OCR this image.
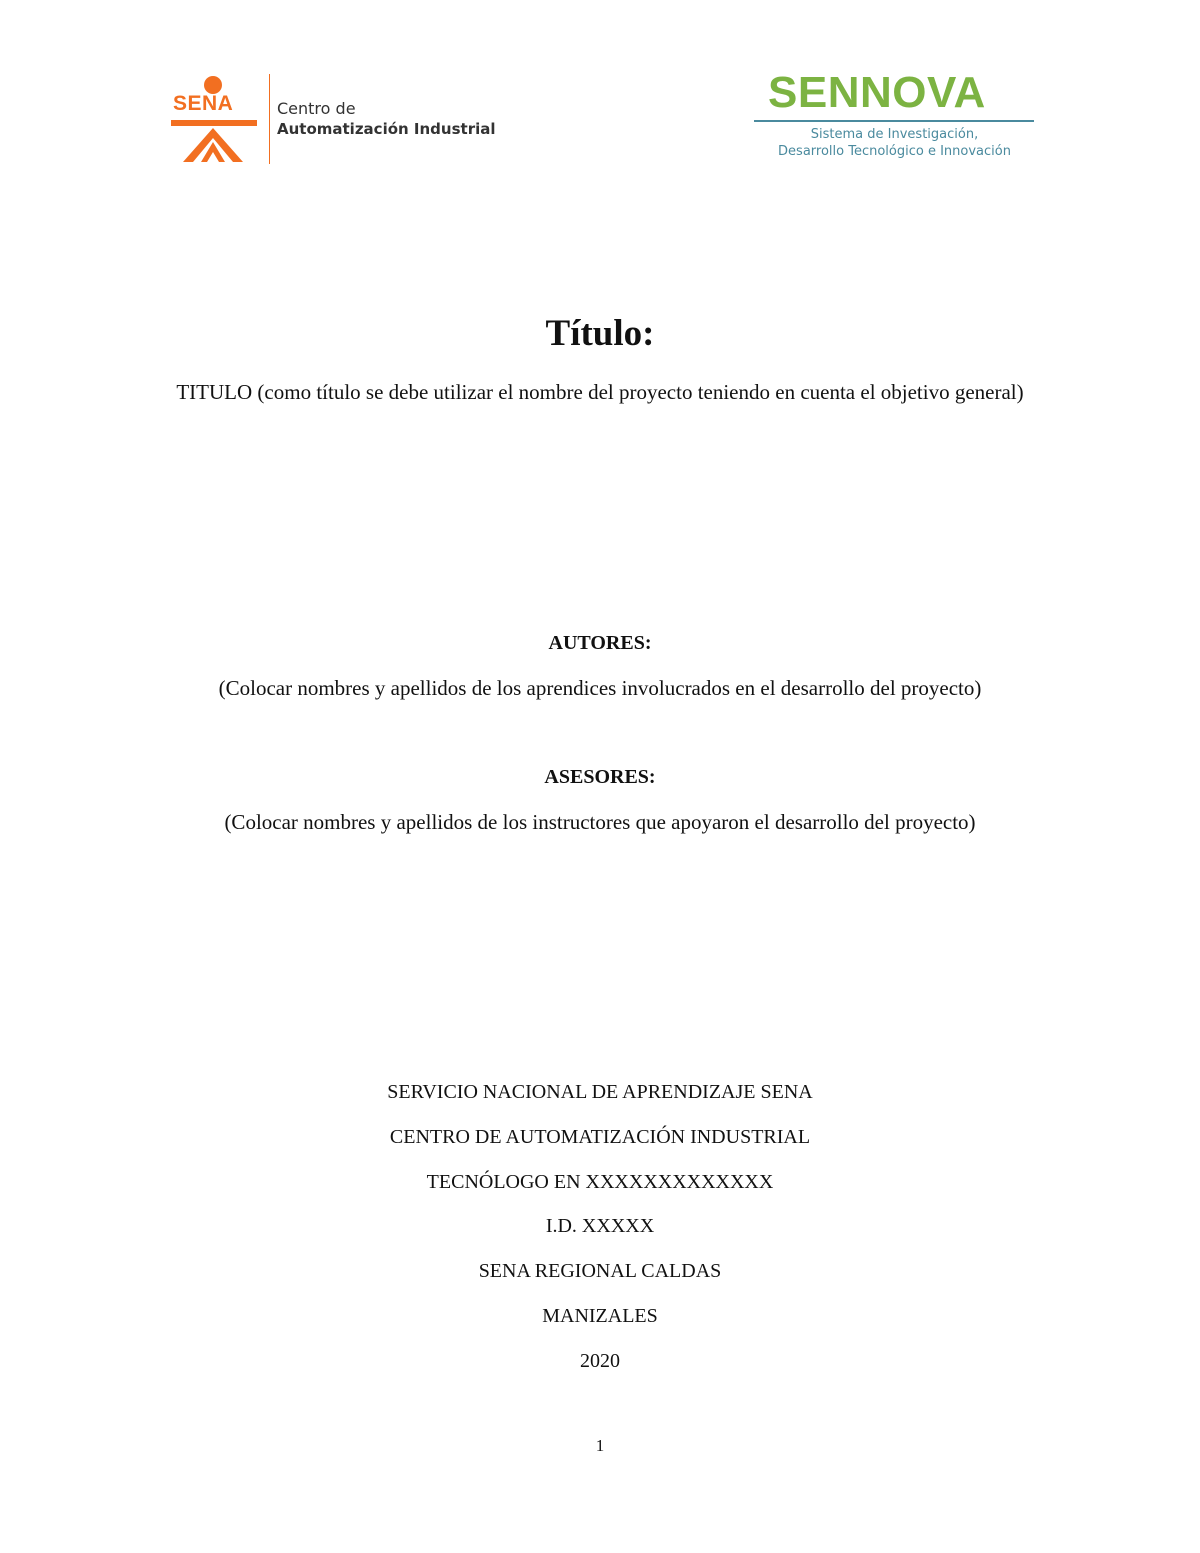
SENA	Centro de
Automatización Industrial
SENNOVA
Sistema de Investigación,
Desarrollo Tecnológico e Innovación
Título:
TITULO (como título se debe utilizar el nombre del proyecto teniendo en cuenta el objetivo general)
AUTORES:
(Colocar nombres y apellidos de los aprendices involucrados en el desarrollo del proyecto)
ASESORES:
(Colocar nombres y apellidos de los instructores que apoyaron el desarrollo del proyecto)
SERVICIO NACIONAL DE APRENDIZAJE SENA
CENTRO DE AUTOMATIZACIÓN INDUSTRIAL
TECNÓLOGO EN XXXXXXXXXXXXX
I.D. XXXXX
SENA REGIONAL CALDAS
MANIZALES
2020
1
